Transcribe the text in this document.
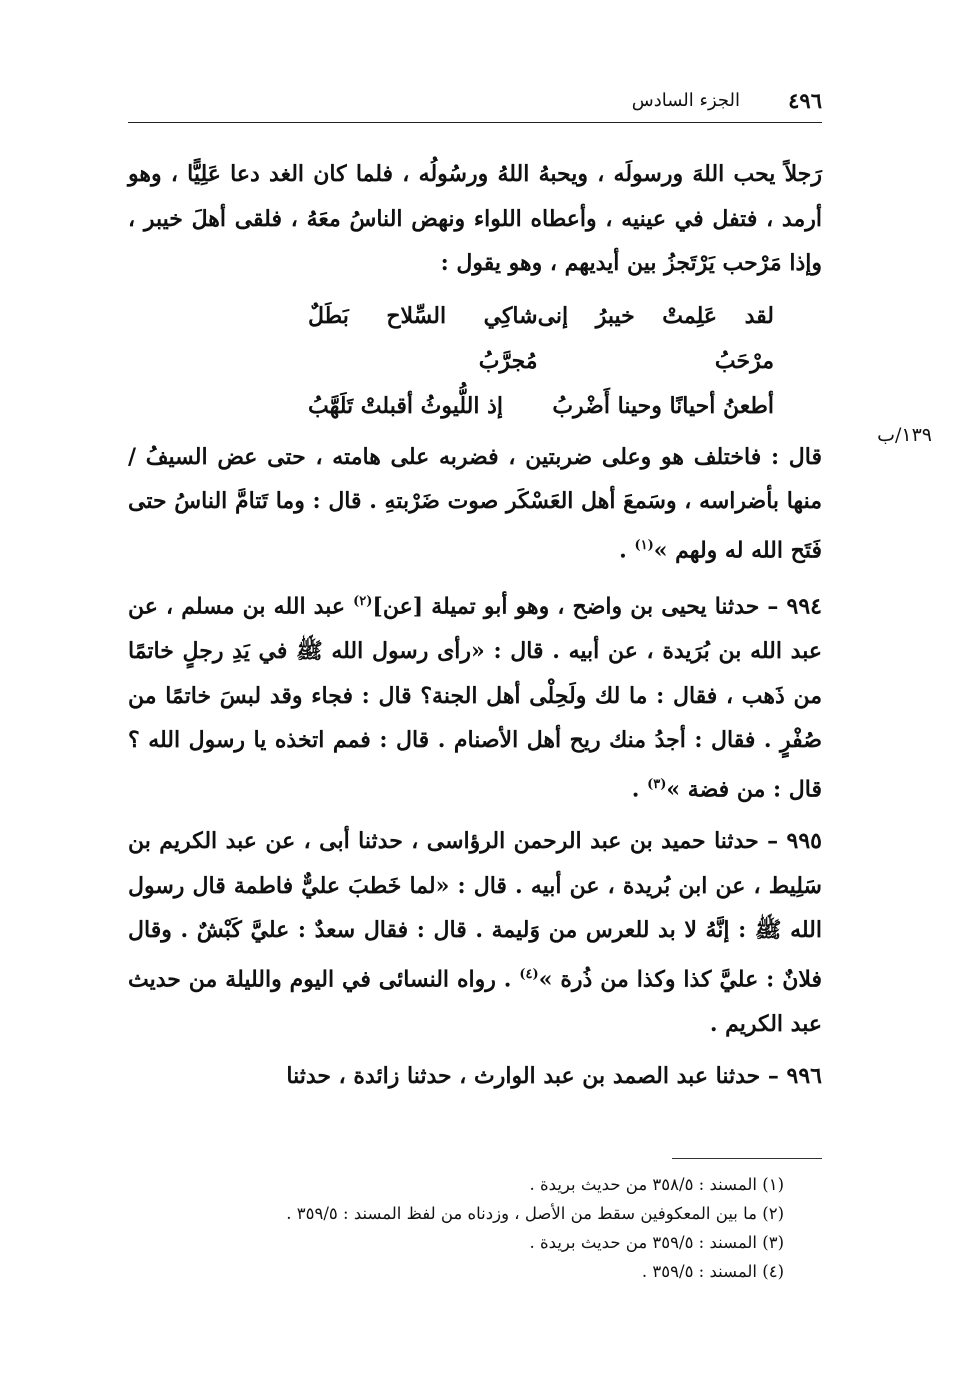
٤٩٦
الجزء السادس
١٣٩/ب

رَجلاً يحب اللهَ ورسولَه ، ويحبهُ اللهُ ورسُولُه ، فلما كان الغد دعا عَلِيًّا ، وهو أرمد ، فتفل في عينيه ، وأعطاه اللواء ونهض الناسُ معَهُ ، فلقى أهلَ خيبر ، وإذا مَرْحب يَرْتَجزُ بين أيديهم ، وهو يقول :

لقد عَلِمتْ خيبرُ إنى مرْحَبُ
شاكِي السِّلاح بَطَلٌ مُجرَّبُ
أطعنُ أحيانًا وحينا أَضْربُ
إذ اللُّيوثُ أقبلتْ تَلَهَّبُ

قال : فاختلف هو وعلى ضربتين ، فضربه على هامته ، حتى عض السيفُ / منها بأضراسه ، وسَمعَ أهل العَسْكَر صوت ضَرْبتهِ . قال : وما تَتامَّ الناسُ حتى فَتَح الله له ولهم »$^{(١)}$ .

٩٩٤ – حدثنا يحيى بن واضح ، وهو أبو تميلة [عن]$^{(٢)}$ عبد الله بن مسلم ، عن عبد الله بن بُرَيدة ، عن أبيه . قال : «رأى رسول الله ﷺ في يَدِ رجلٍ خاتمًا من ذَهب ، فقال : ما لك ولَحِلْى أهل الجنة؟ قال : فجاء وقد لبسَ خاتمًا من صُفْرٍ . فقال : أجدُ منك ريح أهل الأصنام . قال : فمم اتخذه يا رسول الله ؟ قال : من فضة »$^{(٣)}$ .

٩٩٥ – حدثنا حميد بن عبد الرحمن الرؤاسى ، حدثنا أبى ، عن عبد الكريم بن سَلِيط ، عن ابن بُريدة ، عن أبيه . قال : «لما خَطبَ عليٌّ فاطمة قال رسول الله ﷺ : إنَّهُ لا بد للعرس من وَليمة . قال : فقال سعدٌ : عليَّ كَبْشٌ . وقال فلانٌ : عليَّ كذا وكذا من ذُرة »$^{(٤)}$ . رواه النسائى في اليوم والليلة من حديث عبد الكريم .

٩٩٦ – حدثنا عبد الصمد بن عبد الوارث ، حدثنا زائدة ، حدثنا

(١) المسند : ٣٥٨/٥ من حديث بريدة .
(٢) ما بين المعكوفين سقط من الأصل ، وزدناه من لفظ المسند : ٣٥٩/٥ .
(٣) المسند : ٣٥٩/٥ من حديث بريدة .
(٤) المسند : ٣٥٩/٥ .
